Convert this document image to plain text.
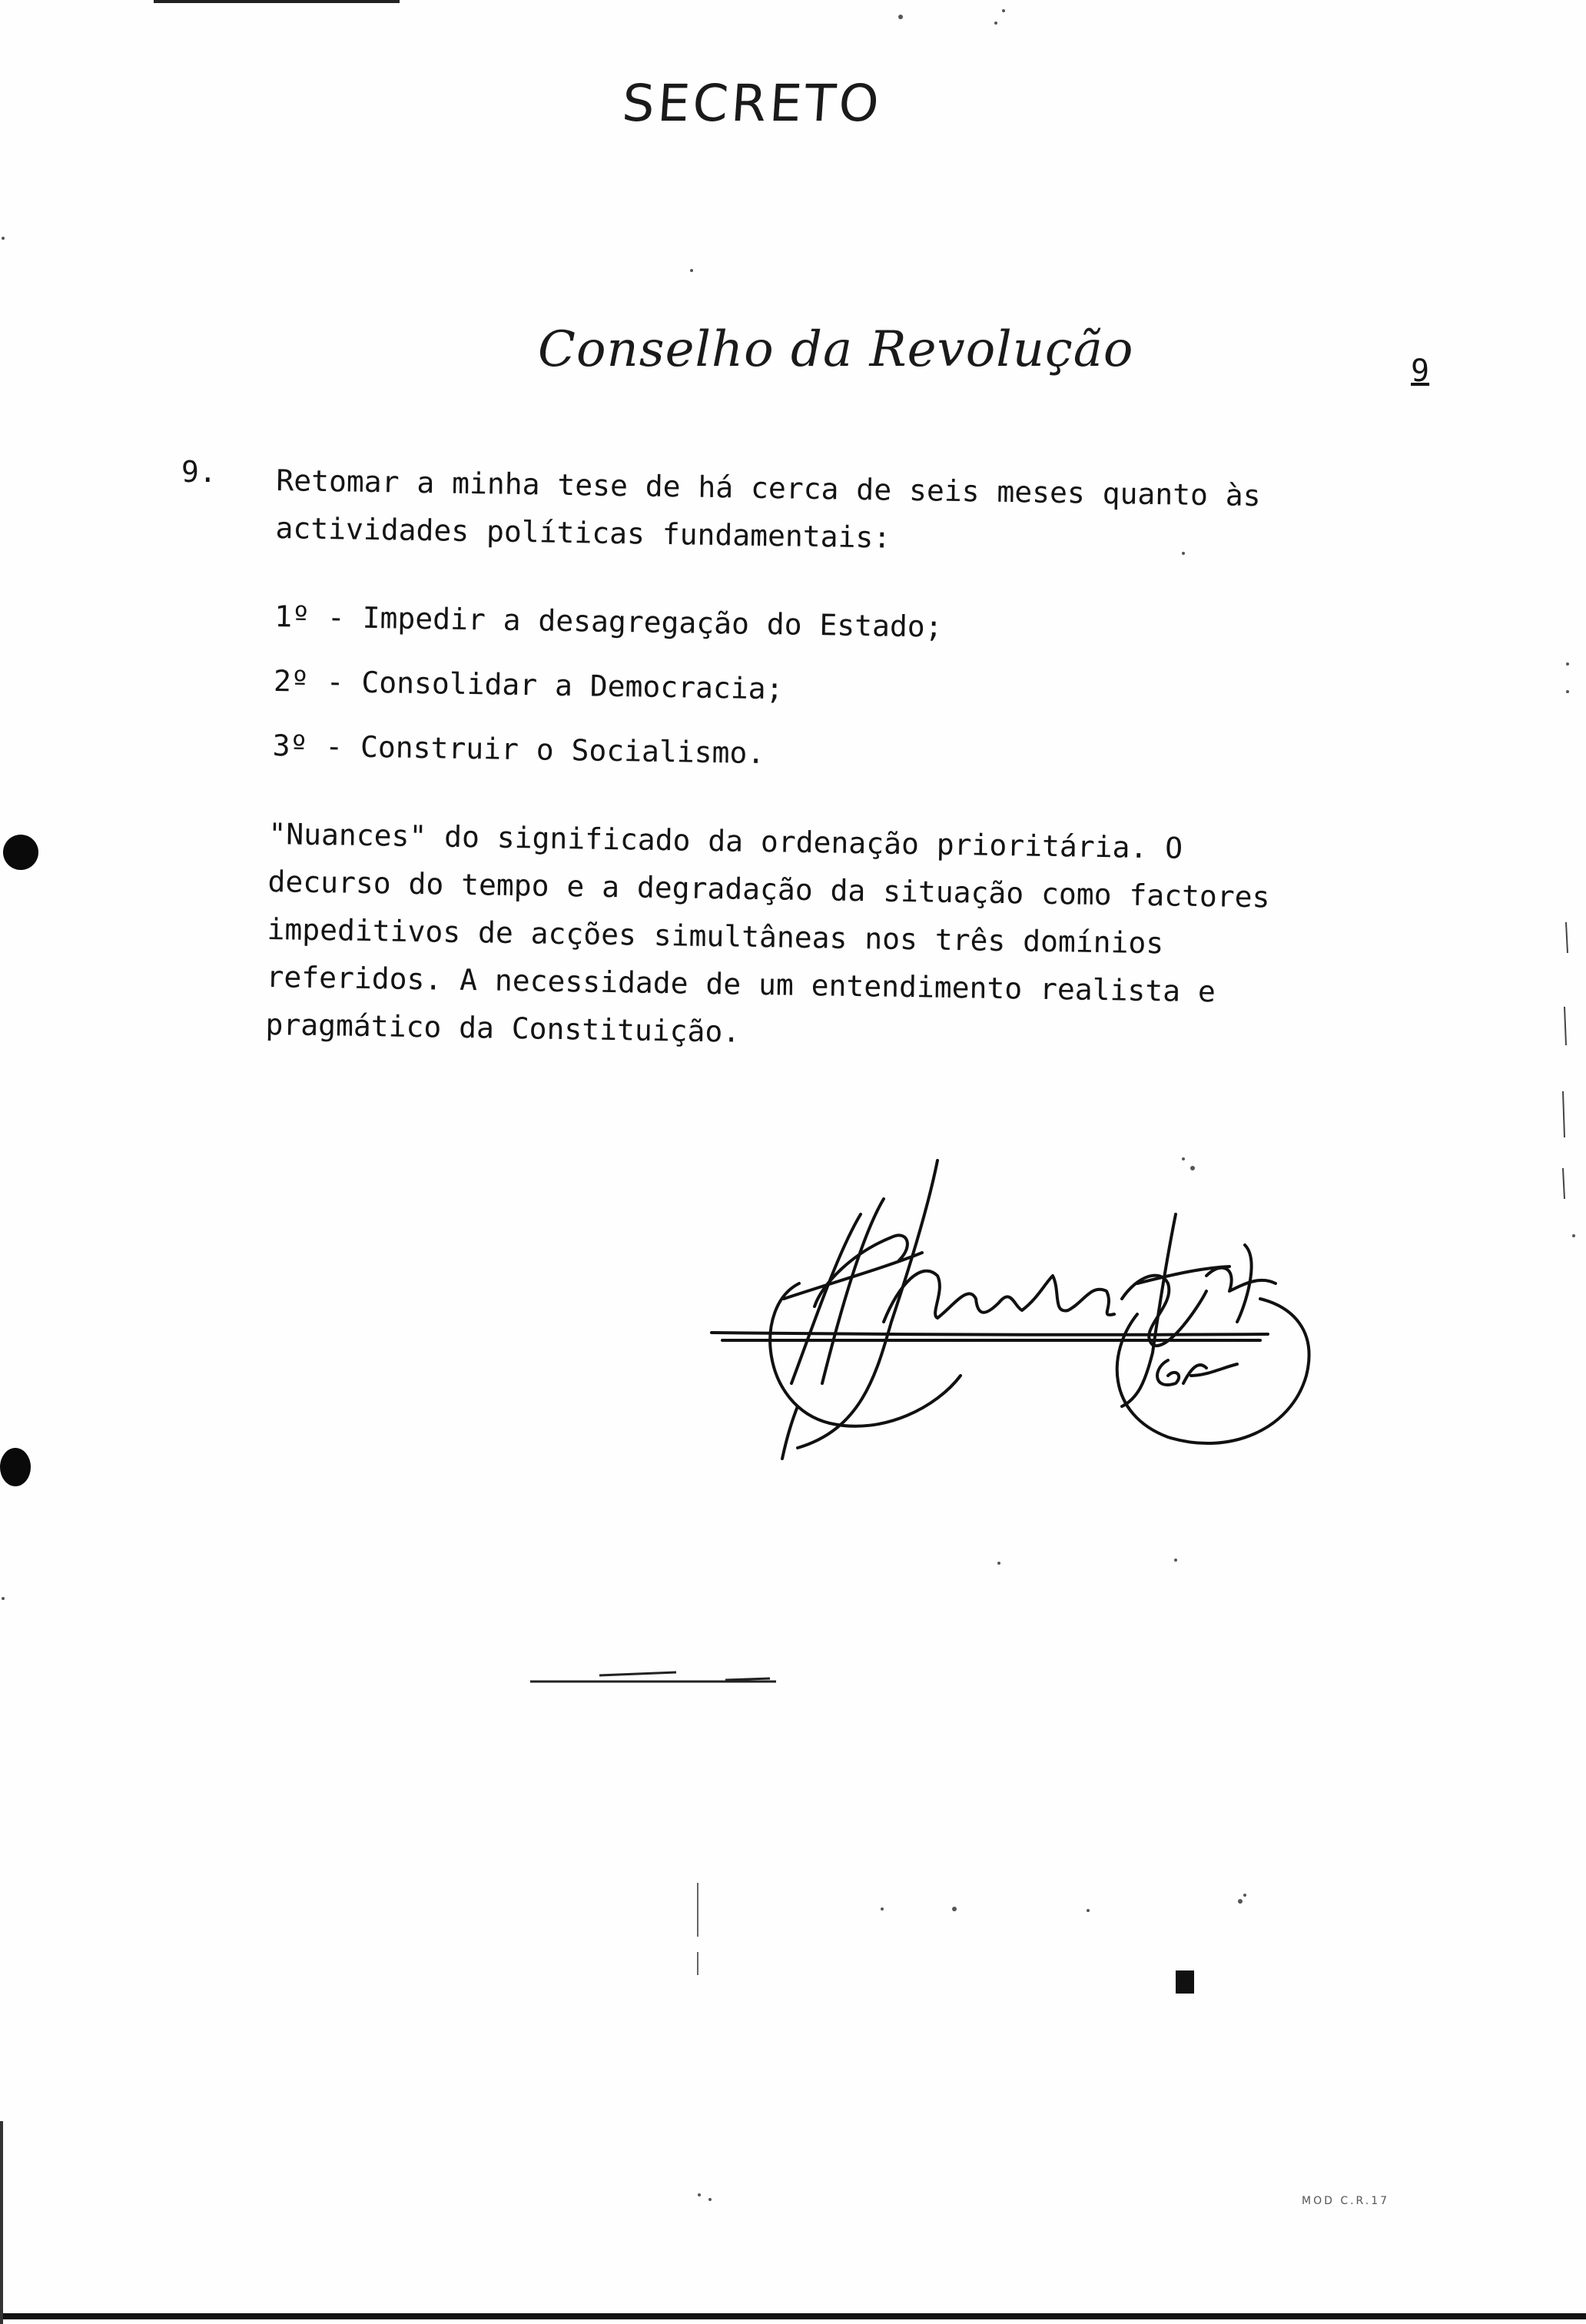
SECRETO
Conselho da Revolução	9
9. Retomar a minha tese de há cerca de seis meses quanto às actividades políticas fundamentais:
1º - Impedir a desagregação do Estado;
2º - Consolidar a Democracia;
3º - Construir o Socialismo.
"Nuances" do significado da ordenação prioritária. O decurso do tempo e a degradação da situação como factores impeditivos de acções simultâneas nos três domínios referidos. A necessidade de um entendimento realista e pragmático da Constituição.
MOD C.R.17
